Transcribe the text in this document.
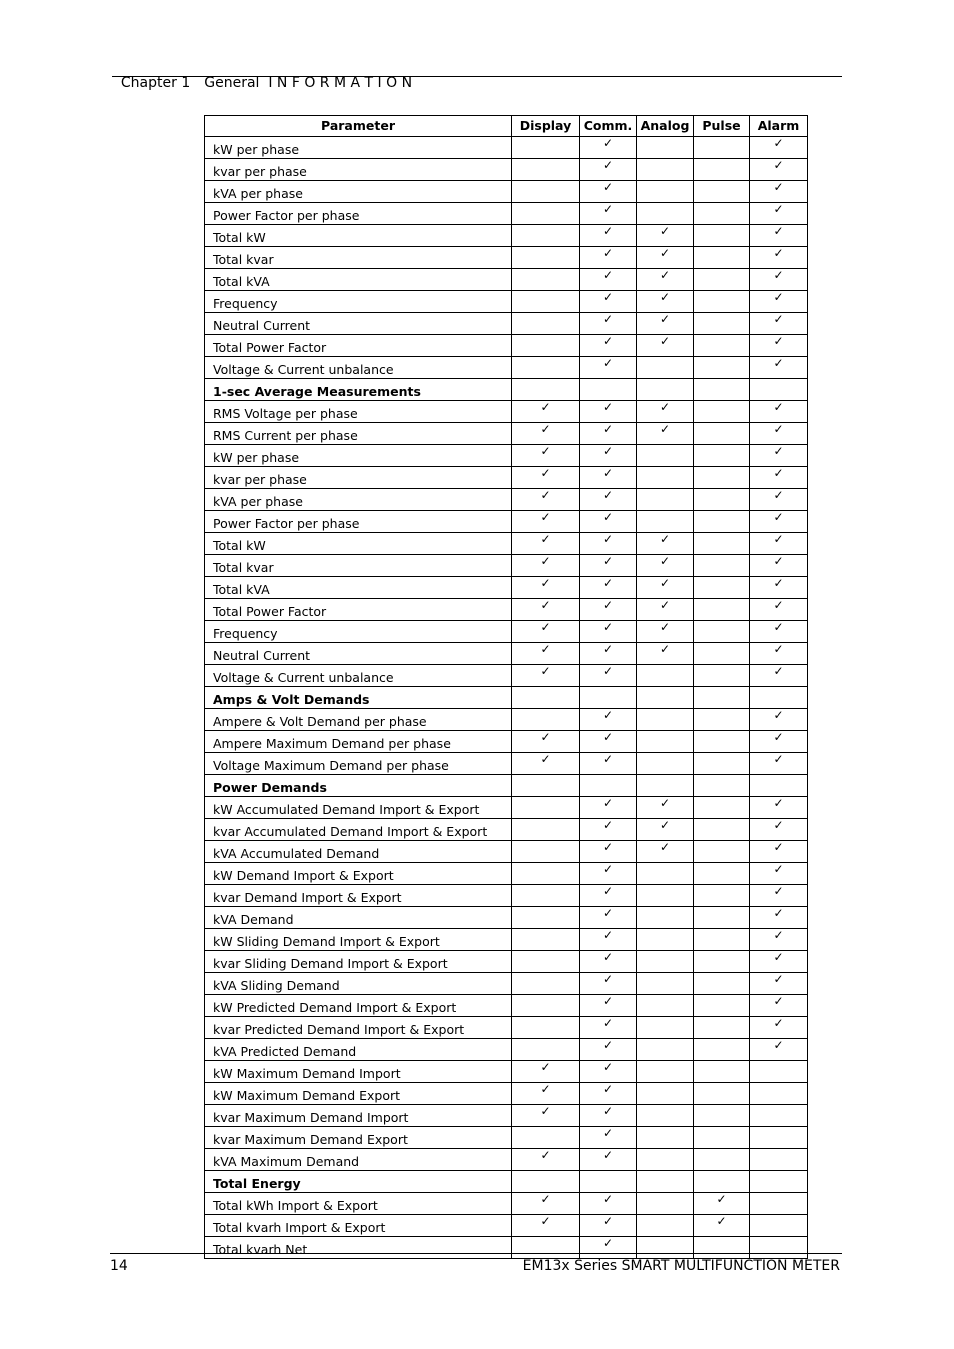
Chapter 1 General  I N F O R M A T I O N

Parameter	Display	Comm.	Analog	Pulse	Alarm
kW per phase		✓			✓
kvar per phase		✓			✓
kVA per phase		✓			✓
Power Factor per phase		✓			✓
Total kW		✓	✓		✓
Total kvar		✓	✓		✓
Total kVA		✓	✓		✓
Frequency		✓	✓		✓
Neutral Current		✓	✓		✓
Total Power Factor		✓	✓		✓
Voltage & Current unbalance		✓			✓
1-sec Average Measurements					
RMS Voltage per phase	✓	✓	✓		✓
RMS Current per phase	✓	✓	✓		✓
kW per phase	✓	✓			✓
kvar per phase	✓	✓			✓
kVA per phase	✓	✓			✓
Power Factor per phase	✓	✓			✓
Total kW	✓	✓	✓		✓
Total kvar	✓	✓	✓		✓
Total kVA	✓	✓	✓		✓
Total Power Factor	✓	✓	✓		✓
Frequency	✓	✓	✓		✓
Neutral Current	✓	✓	✓		✓
Voltage & Current unbalance	✓	✓			✓
Amps & Volt Demands					
Ampere & Volt Demand per phase		✓			✓
Ampere Maximum Demand per phase	✓	✓			✓
Voltage Maximum Demand per phase	✓	✓			✓
Power Demands					
kW Accumulated Demand Import & Export		✓	✓		✓
kvar Accumulated Demand Import & Export		✓	✓		✓
kVA Accumulated Demand		✓	✓		✓
kW Demand Import & Export		✓			✓
kvar Demand Import & Export		✓			✓
kVA Demand		✓			✓
kW Sliding Demand Import & Export		✓			✓
kvar Sliding Demand Import & Export		✓			✓
kVA Sliding Demand		✓			✓
kW Predicted Demand Import & Export		✓			✓
kvar Predicted Demand Import & Export		✓			✓
kVA Predicted Demand		✓			✓
kW Maximum Demand Import	✓	✓			
kW Maximum Demand Export	✓	✓			
kvar Maximum Demand Import	✓	✓			
kvar Maximum Demand Export		✓			
kVA Maximum Demand	✓	✓			
Total Energy					
Total kWh Import & Export	✓	✓		✓	
Total kvarh Import & Export	✓	✓		✓	
Total kvarh Net		✓			
14	EM13x Series SMART MULTIFUNCTION METER
